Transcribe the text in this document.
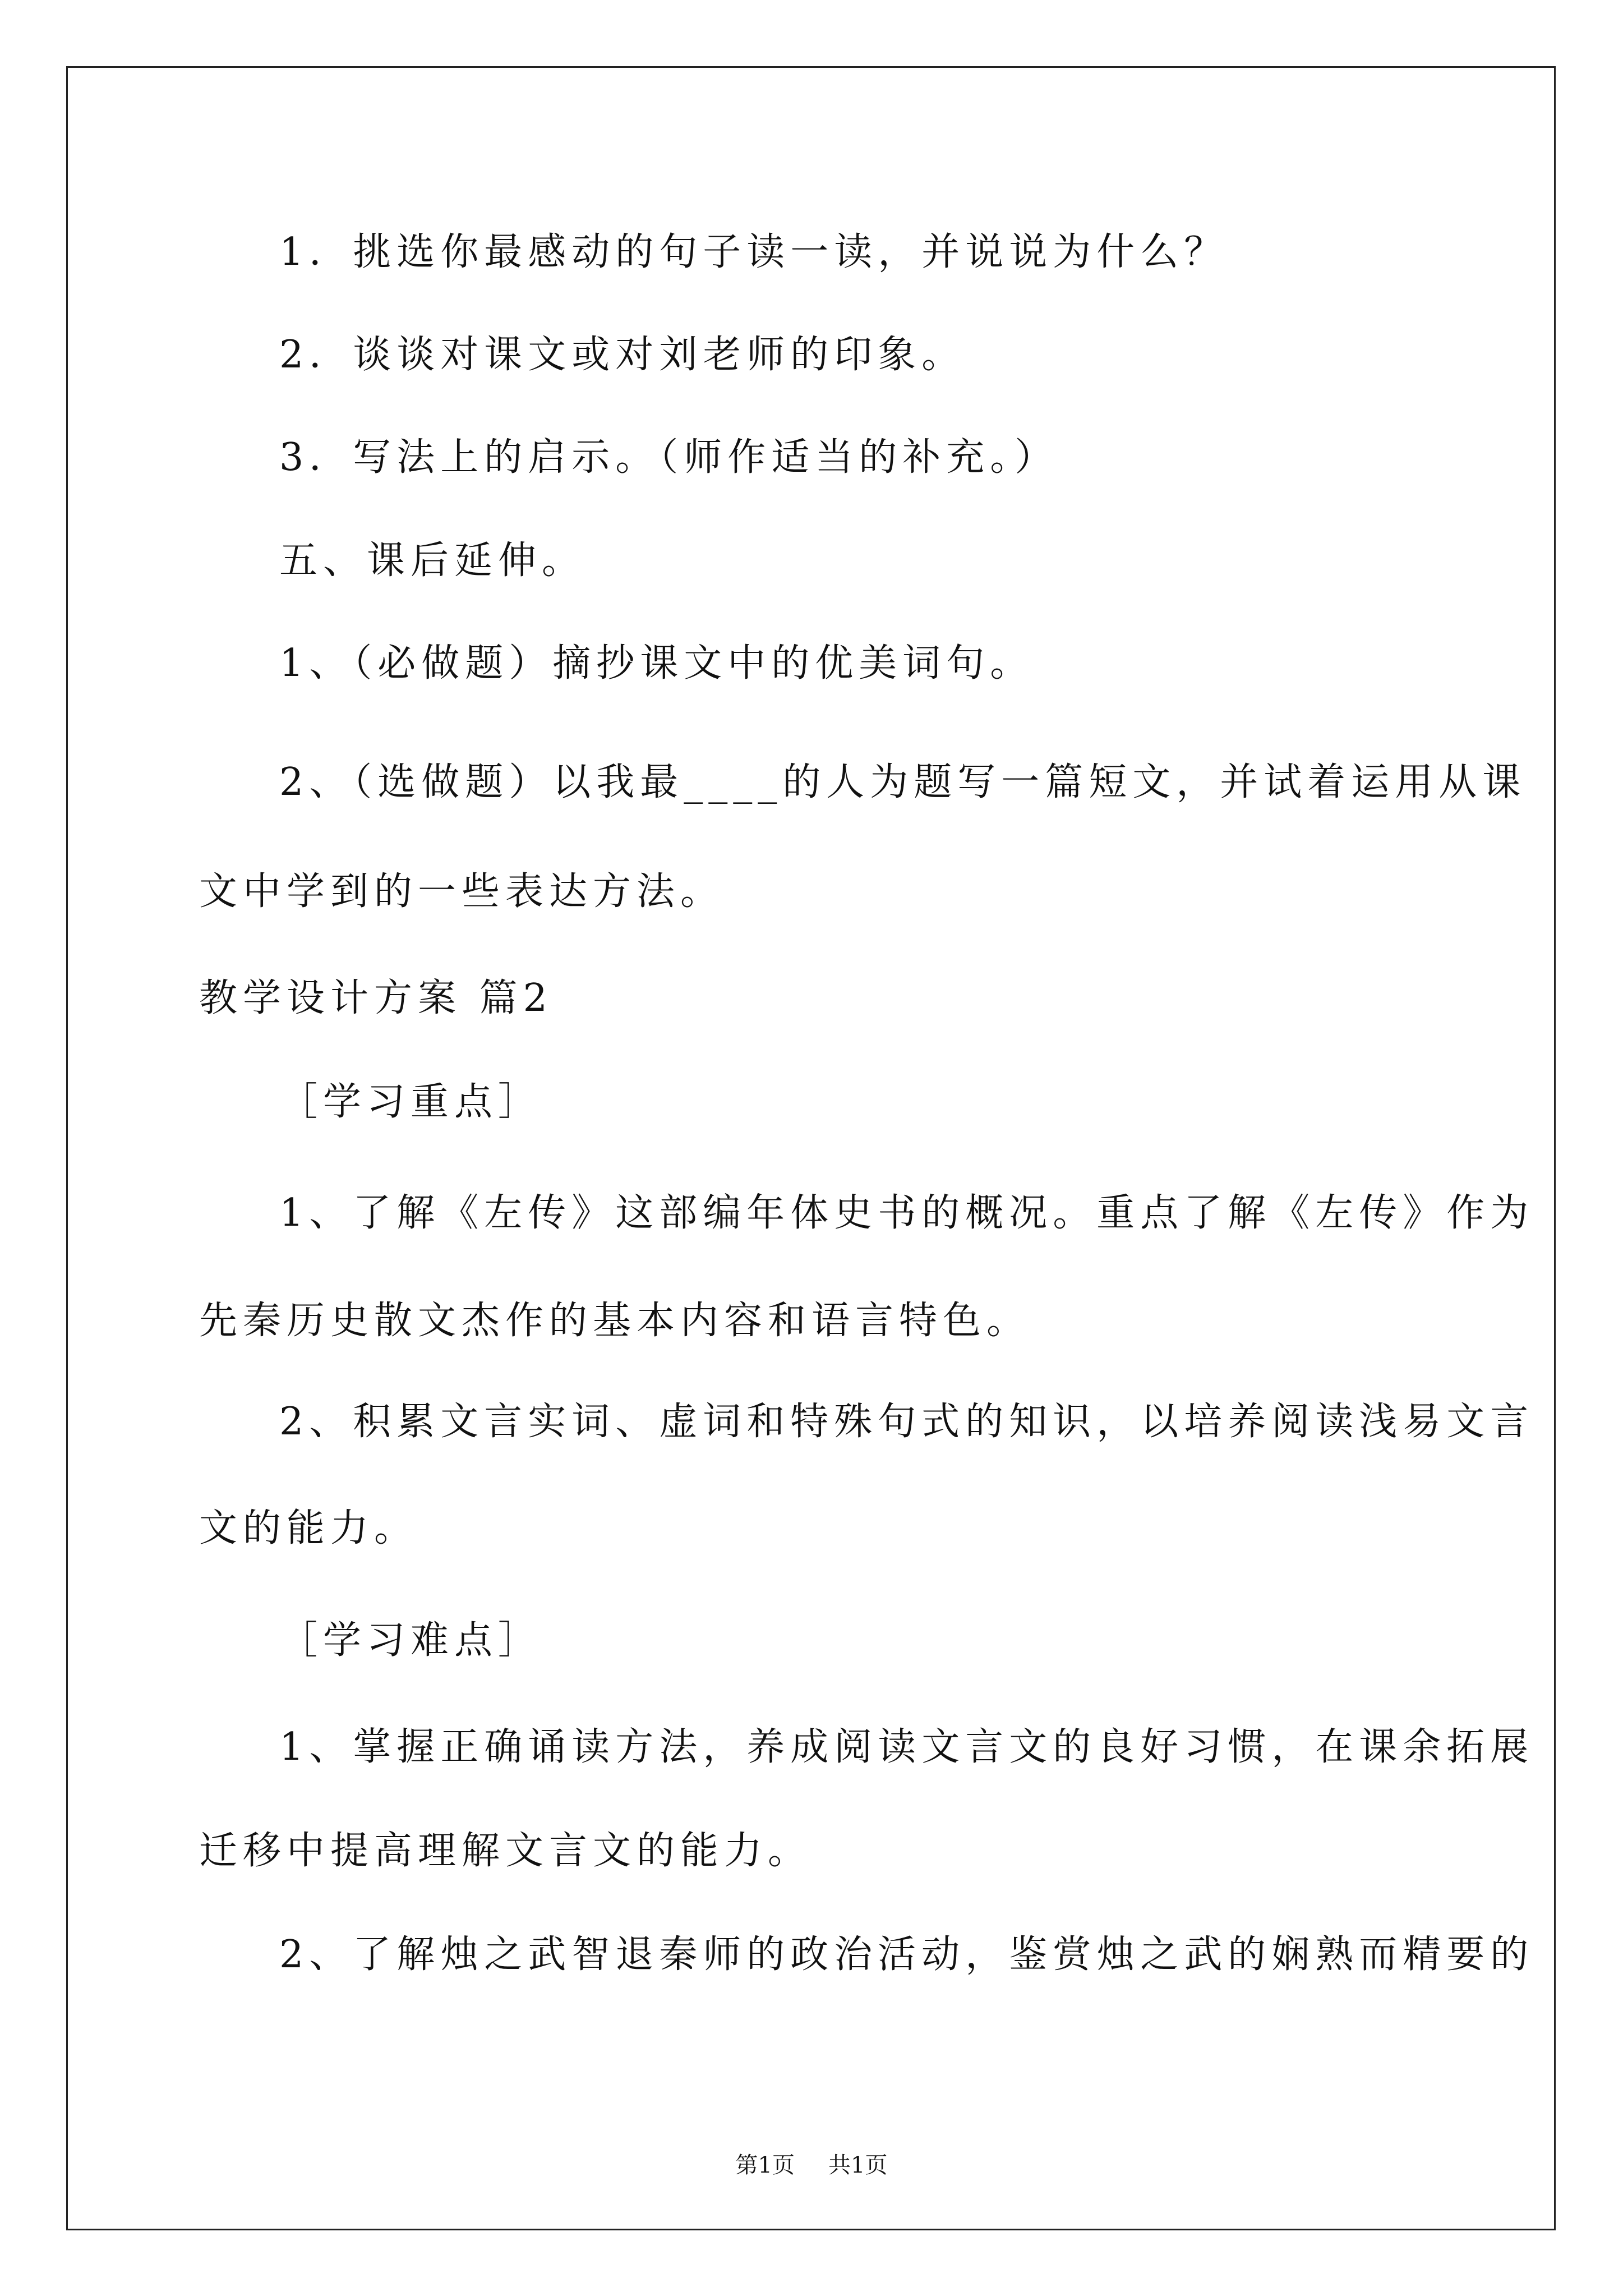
1．挑选你最感动的句子读一读，并说说为什么？
2．谈谈对课文或对刘老师的印象。
3．写法上的启示。（师作适当的补充。）
五、课后延伸。
1、（必做题）摘抄课文中的优美词句。
2、（选做题）以我最____的人为题写一篇短文，并试着运用从课
文中学到的一些表达方法。
教学设计方案 篇2
［学习重点］
1、了解《左传》这部编年体史书的概况。重点了解《左传》作为
先秦历史散文杰作的基本内容和语言特色。
2、积累文言实词、虚词和特殊句式的知识，以培养阅读浅易文言
文的能力。
［学习难点］
1、掌握正确诵读方法，养成阅读文言文的良好习惯，在课余拓展
迁移中提高理解文言文的能力。
2、了解烛之武智退秦师的政治活动，鉴赏烛之武的娴熟而精要的
第1页 共1页
